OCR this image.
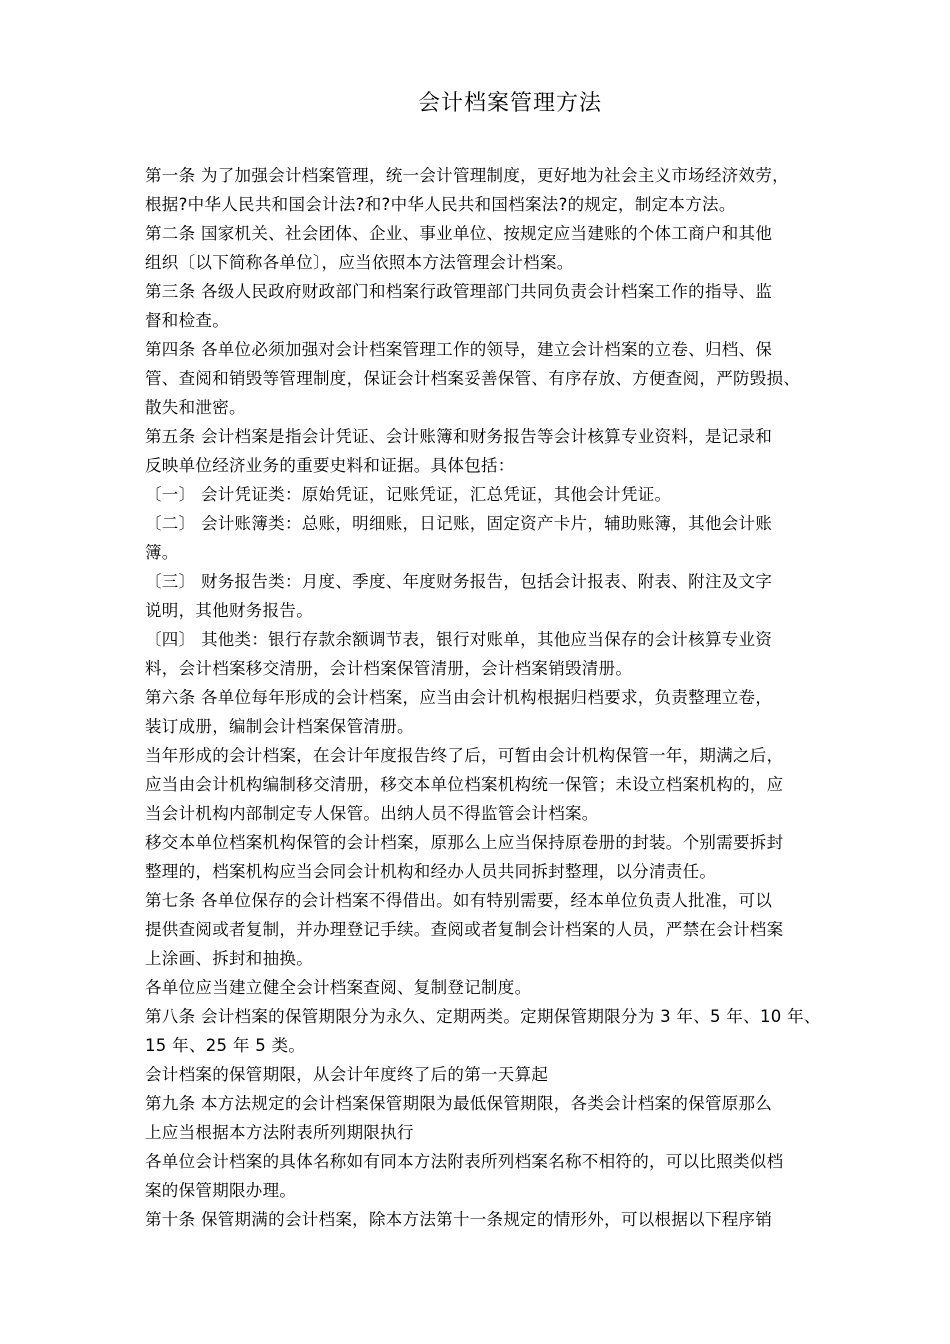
会计档案管理方法
第一条 为了加强会计档案管理，统一会计管理制度，更好地为社会主义市场经济效劳，
根据?中华人民共和国会计法?和?中华人民共和国档案法?的规定，制定本方法。
第二条 国家机关、社会团体、企业、事业单位、按规定应当建账的个体工商户和其他
组织〔以下简称各单位〕，应当依照本方法管理会计档案。
第三条 各级人民政府财政部门和档案行政管理部门共同负责会计档案工作的指导、监
督和检查。
第四条 各单位必须加强对会计档案管理工作的领导，建立会计档案的立卷、归档、保
管、查阅和销毁等管理制度，保证会计档案妥善保管、有序存放、方便查阅，严防毁损、
散失和泄密。
第五条 会计档案是指会计凭证、会计账簿和财务报告等会计核算专业资料，是记录和
反映单位经济业务的重要史料和证据。具体包括：
〔一〕 会计凭证类：原始凭证，记账凭证，汇总凭证，其他会计凭证。
〔二〕 会计账簿类：总账，明细账，日记账，固定资产卡片，辅助账簿，其他会计账
簿。
〔三〕 财务报告类：月度、季度、年度财务报告，包括会计报表、附表、附注及文字
说明，其他财务报告。
〔四〕 其他类：银行存款余额调节表，银行对账单，其他应当保存的会计核算专业资
料，会计档案移交清册，会计档案保管清册，会计档案销毁清册。
第六条 各单位每年形成的会计档案，应当由会计机构根据归档要求，负责整理立卷，
装订成册，编制会计档案保管清册。
当年形成的会计档案，在会计年度报告终了后，可暂由会计机构保管一年，期满之后，
应当由会计机构编制移交清册，移交本单位档案机构统一保管；未设立档案机构的，应
当会计机构内部制定专人保管。出纳人员不得监管会计档案。
移交本单位档案机构保管的会计档案，原那么上应当保持原卷册的封装。个别需要拆封
整理的，档案机构应当会同会计机构和经办人员共同拆封整理，以分清责任。
第七条 各单位保存的会计档案不得借出。如有特别需要，经本单位负责人批准，可以
提供查阅或者复制，并办理登记手续。查阅或者复制会计档案的人员，严禁在会计档案
上涂画、拆封和抽换。
各单位应当建立健全会计档案查阅、复制登记制度。
第八条 会计档案的保管期限分为永久、定期两类。定期保管期限分为 3 年、5 年、10 年、
15 年、25 年 5 类。
会计档案的保管期限，从会计年度终了后的第一天算起
第九条 本方法规定的会计档案保管期限为最低保管期限，各类会计档案的保管原那么
上应当根据本方法附表所列期限执行
各单位会计档案的具体名称如有同本方法附表所列档案名称不相符的，可以比照类似档
案的保管期限办理。
第十条 保管期满的会计档案，除本方法第十一条规定的情形外，可以根据以下程序销
